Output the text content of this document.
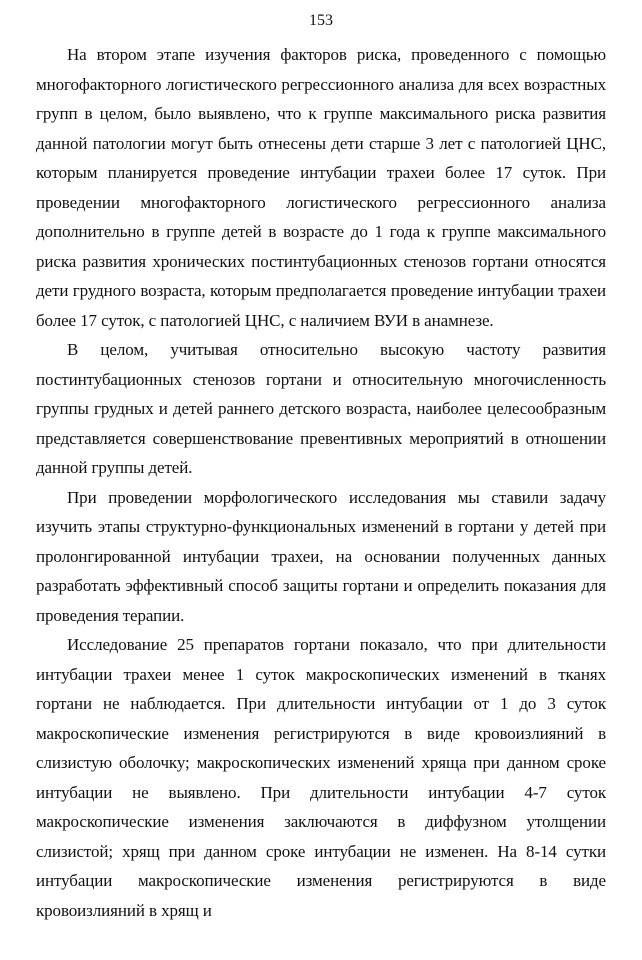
153

На втором этапе изучения факторов риска, проведенного с помощью многофакторного логистического регрессионного анализа для всех возрастных групп в целом, было выявлено, что к группе максимального риска развития данной патологии могут быть отнесены дети старше 3 лет с патологией ЦНС, которым планируется проведение интубации трахеи более 17 суток. При проведении многофакторного логистического регрессионного анализа дополнительно в группе детей в возрасте до 1 года к группе максимального риска развития хронических постинтубационных стенозов гортани относятся дети грудного возраста, которым предполагается проведение интубации трахеи более 17 суток, с патологией ЦНС, с наличием ВУИ в анамнезе.

В целом, учитывая относительно высокую частоту развития постинтубационных стенозов гортани и относительную многочисленность группы грудных и детей раннего детского возраста, наиболее целесообразным представляется совершенствование превентивных мероприятий в отношении данной группы детей.

При проведении морфологического исследования мы ставили задачу изучить этапы структурно-функциональных изменений в гортани у детей при пролонгированной интубации трахеи, на основании полученных данных разработать эффективный способ защиты гортани и определить показания для проведения терапии.

Исследование 25 препаратов гортани показало, что при длительности интубации трахеи менее 1 суток макроскопических изменений в тканях гортани не наблюдается. При длительности интубации от 1 до 3 суток макроскопические изменения регистрируются в виде кровоизлияний в слизистую оболочку; макроскопических изменений хряща при данном сроке интубации не выявлено. При длительности интубации 4-7 суток макроскопические изменения заключаются в диффузном утолщении слизистой; хрящ при данном сроке интубации не изменен. На 8-14 сутки интубации макроскопические изменения регистрируются в виде кровоизлияний в хрящ и
